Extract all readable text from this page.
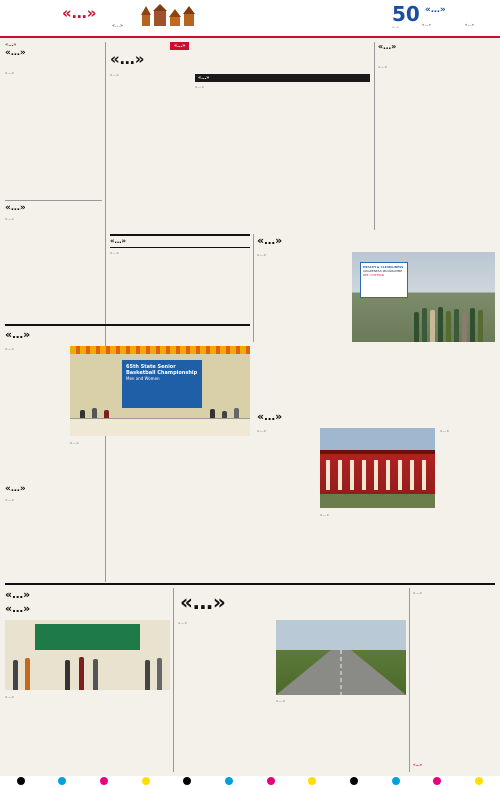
«…»
«…»	50
«…»
«…»
«…»	«…»
«…»
«…»

«…»

«…»

«…»

«…»
«…»

«…»

«…»

«…»

«…»

«…»

«…»

«…»

«…»

«…»

HEALTH & CLEANLINESS
AWARENESS PROGRAMME
RPF, CUTTACK
«…»

«…»

65th State Senior
Basketball Championship
Men and Women

«…»

«…»

«…»	«…»

«…»

«…»

«…»

«…»
«…»

«…»

«…»

«…»

«…»

«…»

«…»
